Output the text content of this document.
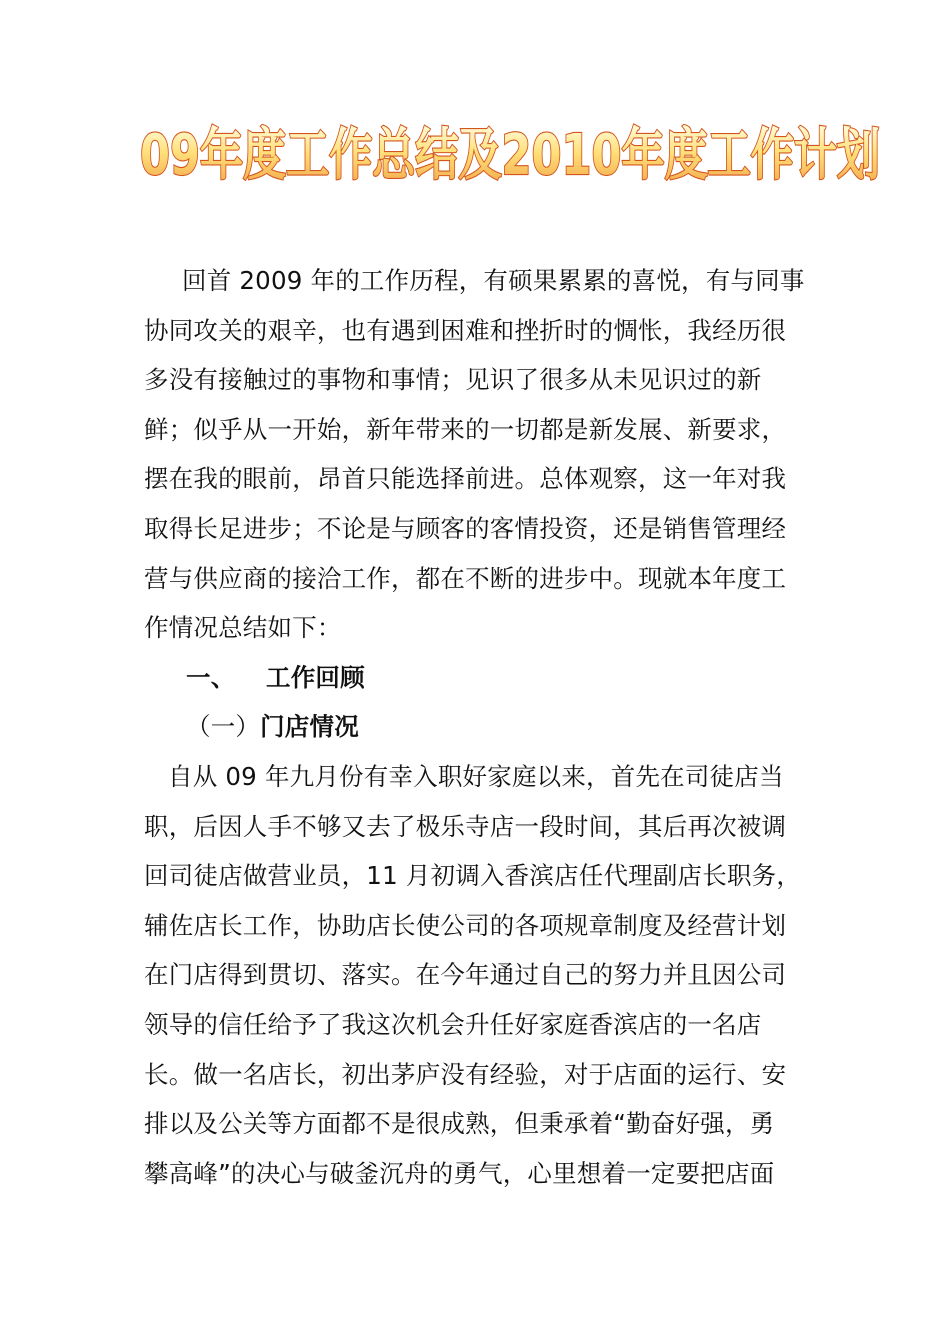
09年度工作总结及2010年度工作计划
回首 2009 年的工作历程，有硕果累累的喜悦，有与同事
协同攻关的艰辛，也有遇到困难和挫折时的惆怅，我经历很
多没有接触过的事物和事情；见识了很多从未见识过的新
鲜；似乎从一开始，新年带来的一切都是新发展、新要求，
摆在我的眼前，昂首只能选择前进。总体观察，这一年对我
取得长足进步；不论是与顾客的客情投资，还是销售管理经
营与供应商的接洽工作，都在不断的进步中。现就本年度工
作情况总结如下：
一、 工作回顾
（一）门店情况
自从 09 年九月份有幸入职好家庭以来，首先在司徒店当
职，后因人手不够又去了极乐寺店一段时间，其后再次被调
回司徒店做营业员，11 月初调入香滨店任代理副店长职务，
辅佐店长工作，协助店长使公司的各项规章制度及经营计划
在门店得到贯切、落实。在今年通过自己的努力并且因公司
领导的信任给予了我这次机会升任好家庭香滨店的一名店
长。做一名店长，初出茅庐没有经验，对于店面的运行、安
排以及公关等方面都不是很成熟，但秉承着“勤奋好强，勇
攀高峰”的决心与破釜沉舟的勇气，心里想着一定要把店面
